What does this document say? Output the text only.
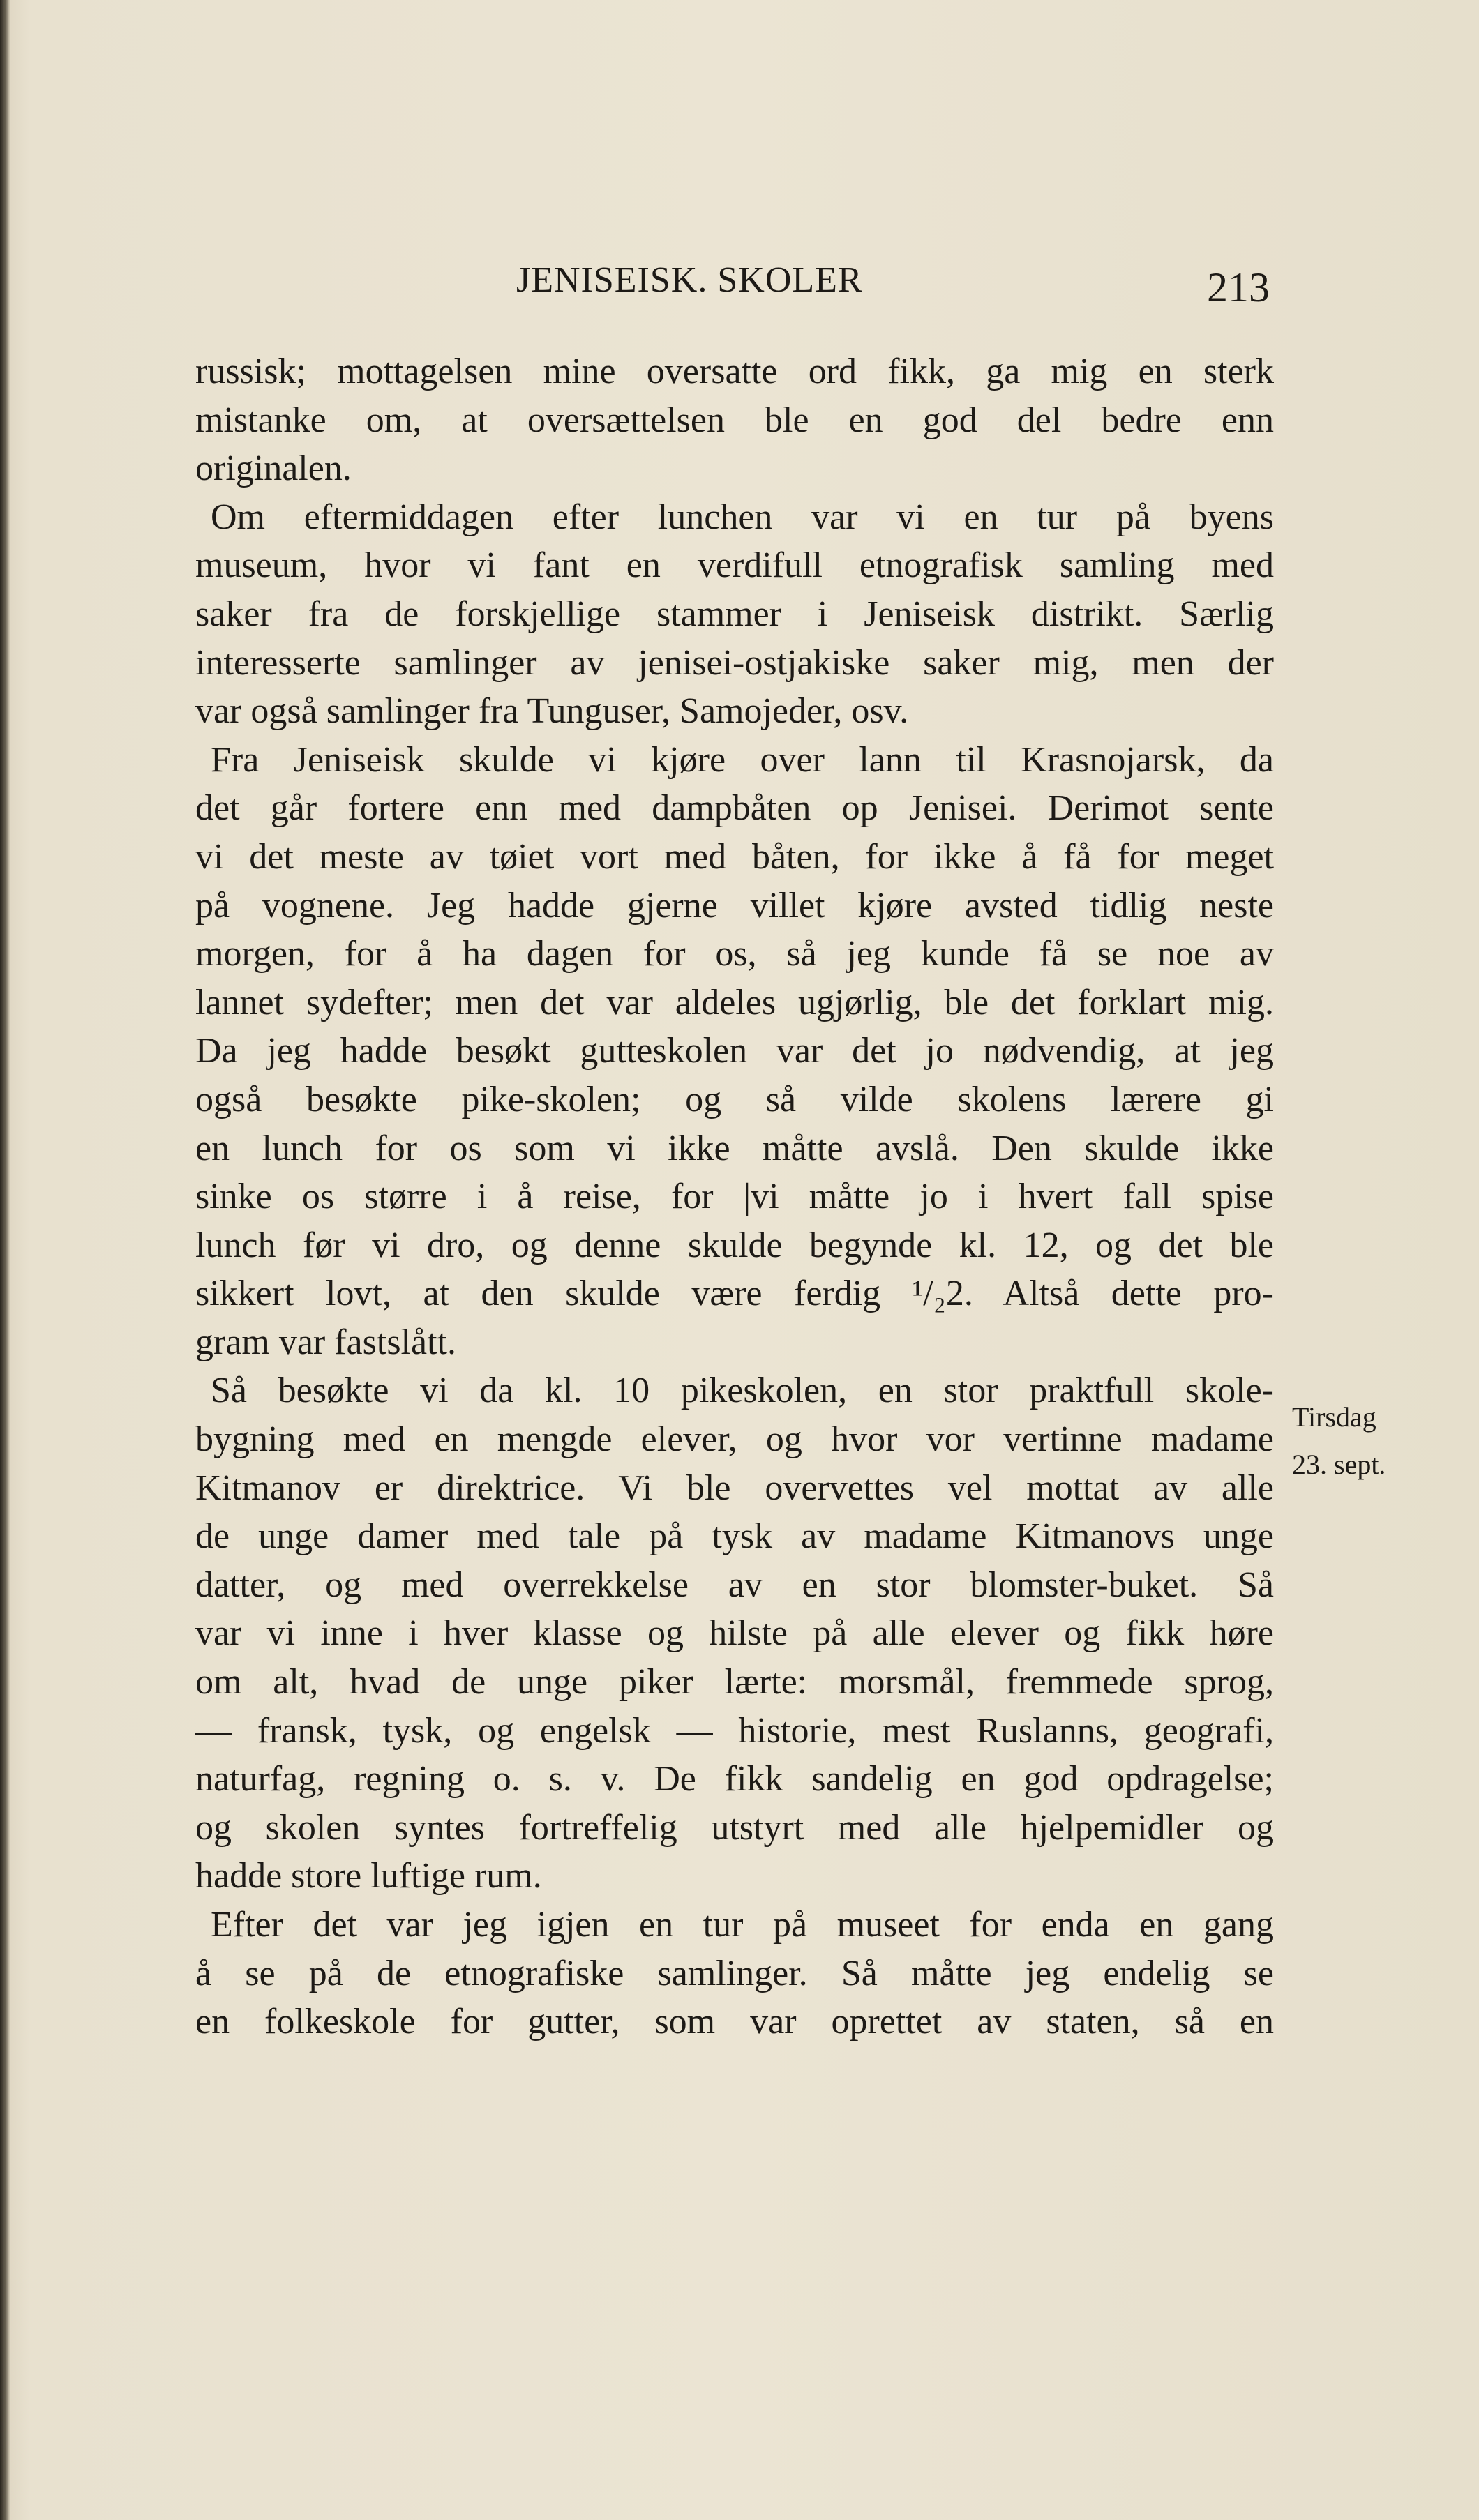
JENISEISK. SKOLER	213
russisk; mottagelsen mine oversatte ord fikk, ga mig en sterk
mistanke om, at oversættelsen ble en god del bedre enn
originalen.
Om eftermiddagen efter lunchen var vi en tur på byens
museum, hvor vi fant en verdifull etnografisk samling med
saker fra de forskjellige stammer i Jeniseisk distrikt. Særlig
interesserte samlinger av jenisei-ostjakiske saker mig, men der
var også samlinger fra Tunguser, Samojeder, osv.
Fra Jeniseisk skulde vi kjøre over lann til Krasnojarsk, da
det går fortere enn med dampbåten op Jenisei. Derimot sente
vi det meste av tøiet vort med båten, for ikke å få for meget
på vognene. Jeg hadde gjerne villet kjøre avsted tidlig neste
morgen, for å ha dagen for os, så jeg kunde få se noe av
lannet sydefter; men det var aldeles ugjørlig, ble det forklart mig.
Da jeg hadde besøkt gutteskolen var det jo nødvendig, at jeg
også besøkte pike-skolen; og så vilde skolens lærere gi
en lunch for os som vi ikke måtte avslå. Den skulde ikke
sinke os større i å reise, for |vi måtte jo i hvert fall spise
lunch før vi dro, og denne skulde begynde kl. 12, og det ble
sikkert lovt, at den skulde være ferdig ¹/₂2. Altså dette pro-
gram var fastslått.
Så besøkte vi da kl. 10 pikeskolen, en stor praktfull skole-
bygning med en mengde elever, og hvor vor vertinne madame
Kitmanov er direktrice. Vi ble overvettes vel mottat av alle
de unge damer med tale på tysk av madame Kitmanovs unge
datter, og med overrekkelse av en stor blomster-buket. Så
var vi inne i hver klasse og hilste på alle elever og fikk høre
om alt, hvad de unge piker lærte: morsmål, fremmede sprog,
— fransk, tysk, og engelsk — historie, mest Ruslanns, geografi,
naturfag, regning o. s. v. De fikk sandelig en god opdragelse;
og skolen syntes fortreffelig utstyrt med alle hjelpemidler og
hadde store luftige rum.
Efter det var jeg igjen en tur på museet for enda en gang
å se på de etnografiske samlinger. Så måtte jeg endelig se
en folkeskole for gutter, som var oprettet av staten, så en
Tirsdag
23. sept.
